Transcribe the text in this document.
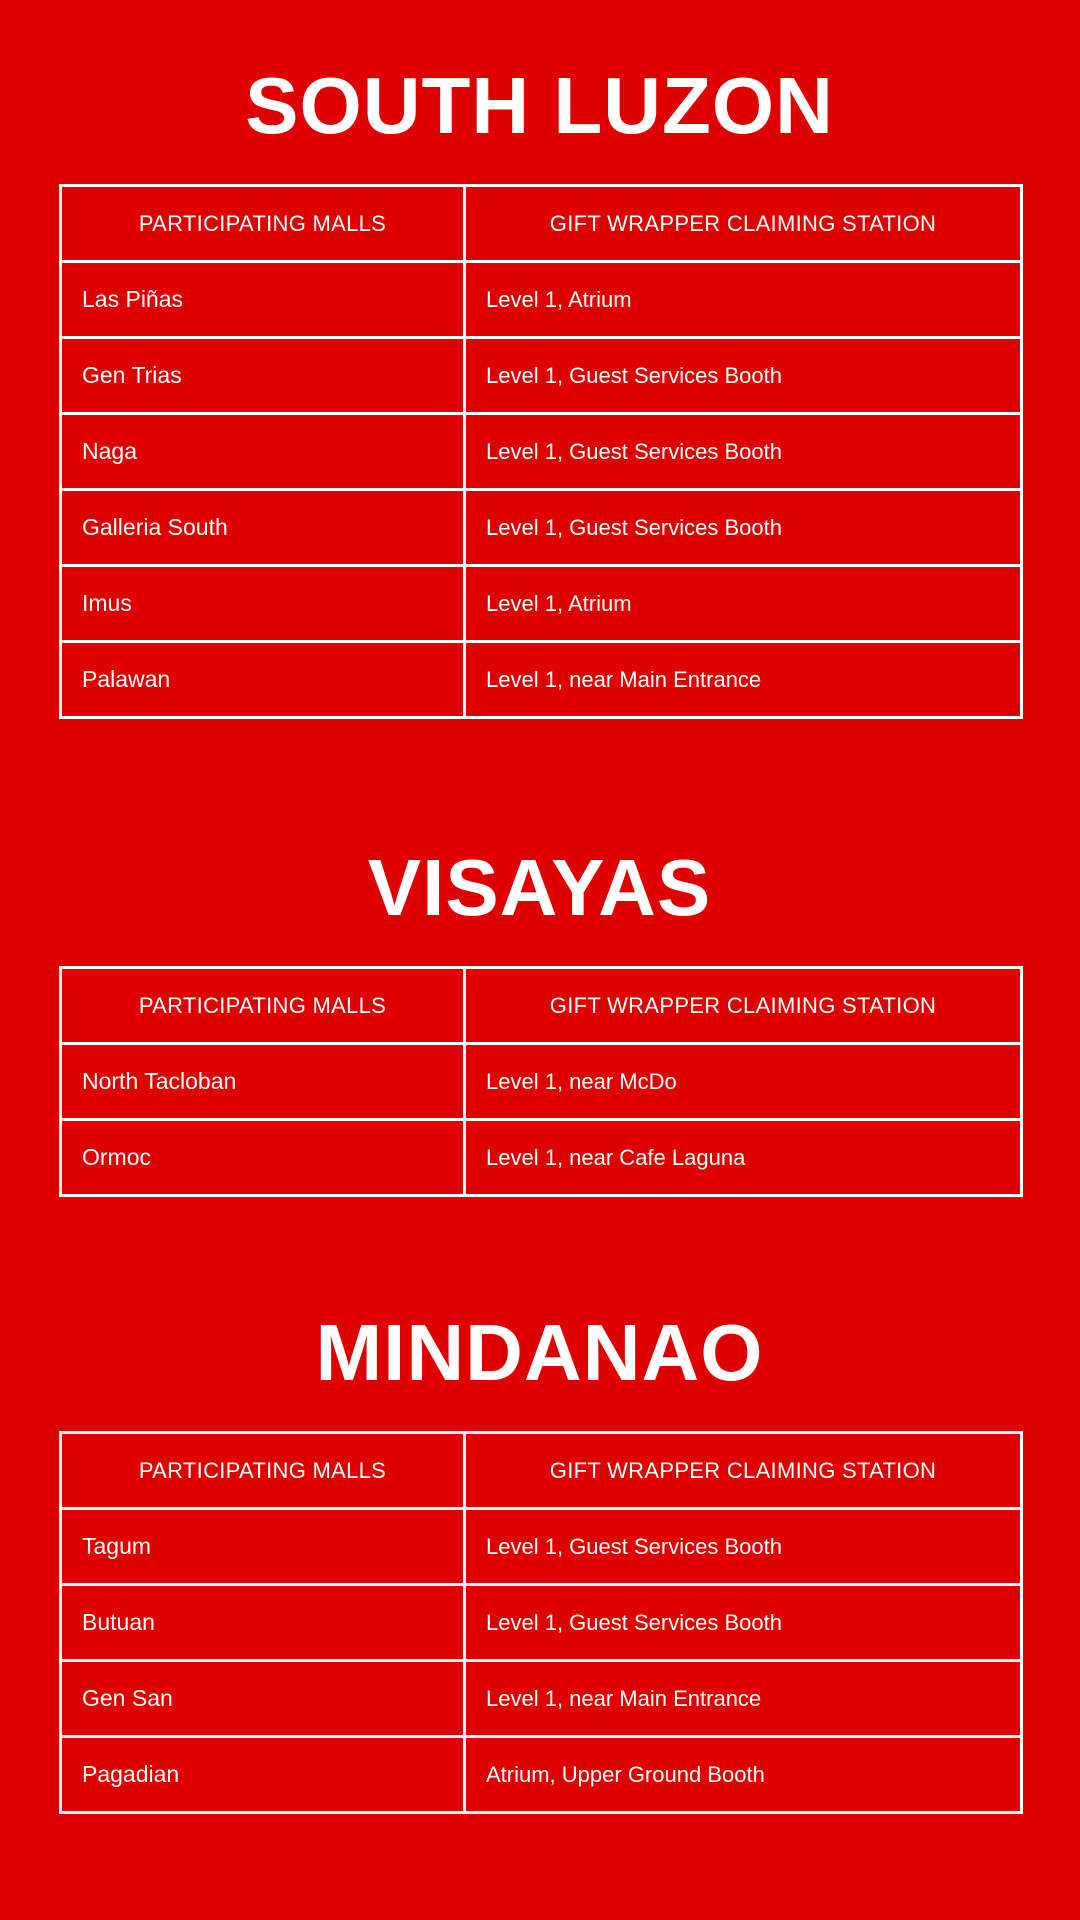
SOUTH LUZON
PARTICIPATING MALLS	GIFT WRAPPER CLAIMING STATION
Las Piñas	Level 1, Atrium
Gen Trias	Level 1, Guest Services Booth
Naga	Level 1, Guest Services Booth
Galleria South	Level 1, Guest Services Booth
Imus	Level 1, Atrium
Palawan	Level 1, near Main Entrance
VISAYAS
PARTICIPATING MALLS	GIFT WRAPPER CLAIMING STATION
North Tacloban	Level 1, near McDo
Ormoc	Level 1, near Cafe Laguna
MINDANAO
PARTICIPATING MALLS	GIFT WRAPPER CLAIMING STATION
Tagum	Level 1, Guest Services Booth
Butuan	Level 1, Guest Services Booth
Gen San	Level 1, near Main Entrance
Pagadian	Atrium, Upper Ground Booth
